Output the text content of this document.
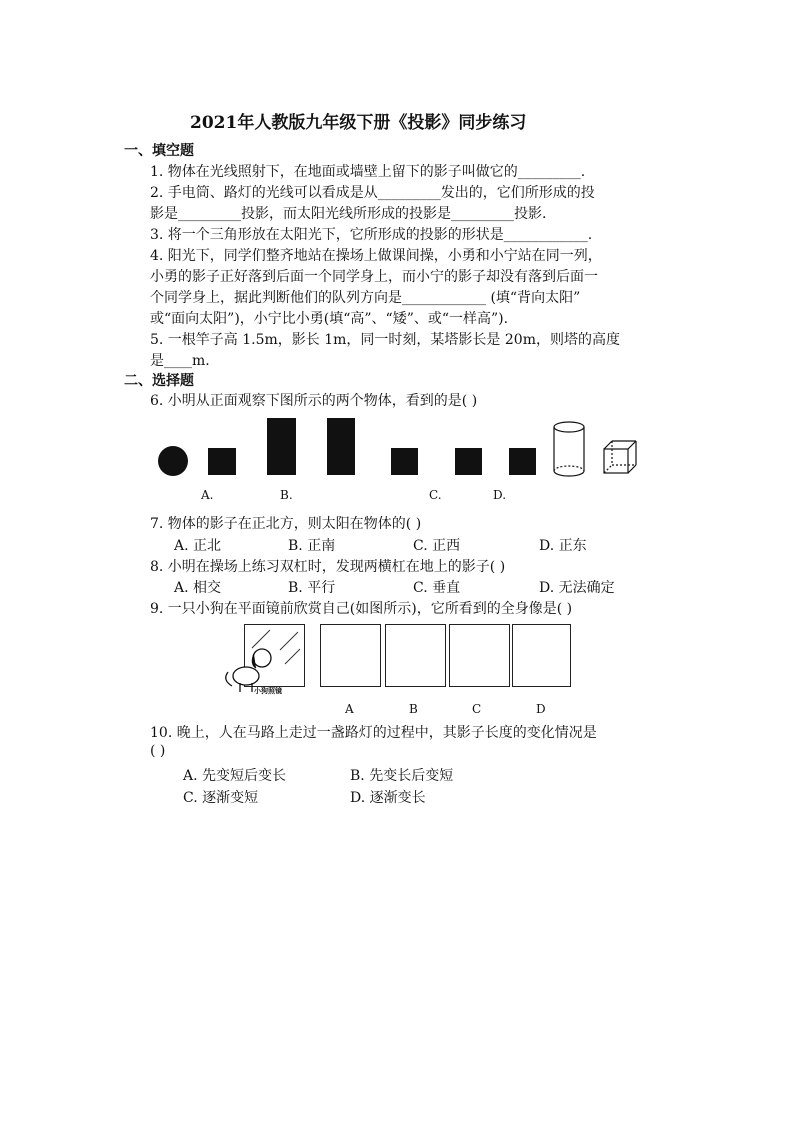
2021年人教版九年级下册《投影》同步练习
一、填空题
1. 物体在光线照射下，在地面或墙壁上留下的影子叫做它的_________.
2. 手电筒、路灯的光线可以看成是从_________发出的，它们所形成的投
影是_________投影，而太阳光线所形成的投影是_________投影.
3. 将一个三角形放在太阳光下，它所形成的投影的形状是____________.
4. 阳光下，同学们整齐地站在操场上做课间操，小勇和小宁站在同一列，
小勇的影子正好落到后面一个同学身上，而小宁的影子却没有落到后面一
个同学身上，据此判断他们的队列方向是____________ (填“背向太阳”
或“面向太阳”)，小宁比小勇(填“高”、“矮”、或“一样高”).
5. 一根竿子高 1.5m，影长 1m，同一时刻，某塔影长是 20m，则塔的高度
是____m.
二、选择题
6. 小明从正面观察下图所示的两个物体，看到的是( )
A.	B.	C.	D.
7. 物体的影子在正北方，则太阳在物体的( )
A. 正北	B. 正南	C. 正西	D. 正东
8. 小明在操场上练习双杠时，发现两横杠在地上的影子( )
A. 相交	B. 平行	C. 垂直	D. 无法确定
9. 一只小狗在平面镜前欣赏自己(如图所示)，它所看到的全身像是( )
小狗照镜
A	B	C	D
10. 晚上，人在马路上走过一盏路灯的过程中，其影子长度的变化情况是
( )
A. 先变短后变长	B. 先变长后变短
C. 逐渐变短	D. 逐渐变长
